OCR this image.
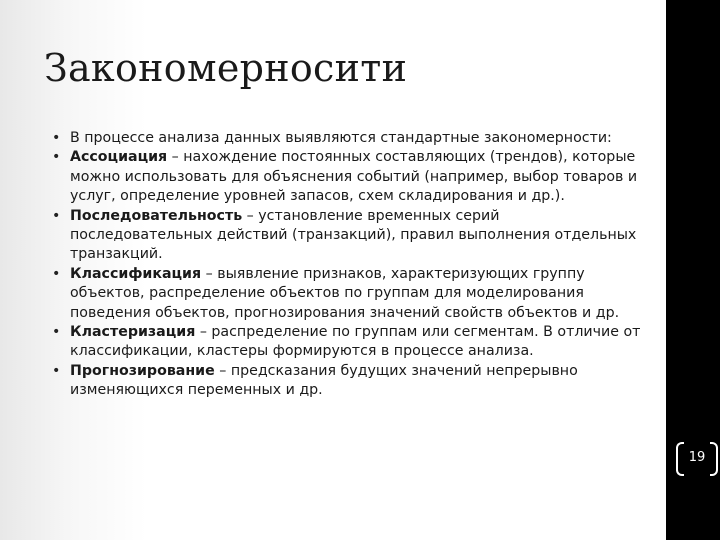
Закономерносити
• В процессе анализа данных выявляются стандартные закономерности:
• Ассоциация – нахождение постоянных составляющих (трендов), которые можно использовать для объяснения событий (например, выбор товаров и услуг, определение уровней запасов, схем складирования и др.).
• Последовательность – установление временных серий последовательных действий (транзакций), правил выполнения отдельных транзакций.
• Классификация – выявление признаков, характеризующих группу объектов, распределение объектов по группам для моделирования поведения объектов, прогнозирования значений свойств объектов и др.
• Кластеризация – распределение по группам или сегментам. В отличие от классификации, кластеры формируются в процессе анализа.
• Прогнозирование – предсказания будущих значений непрерывно изменяющихся переменных и др.
19
